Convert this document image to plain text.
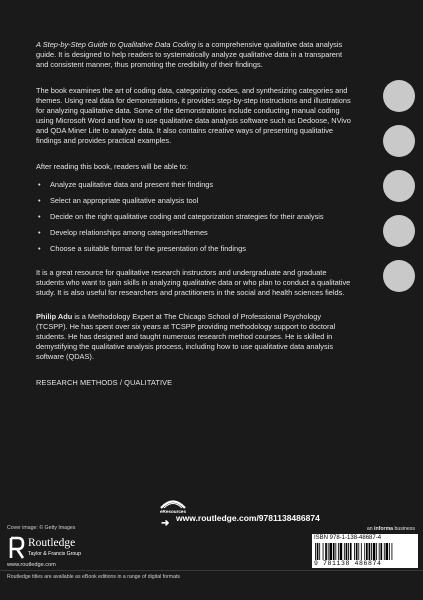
A Step-by-Step Guide to Qualitative Data Coding is a comprehensive qualitative data analysis guide. It is designed to help readers to systematically analyze qualitative data in a transparent and consistent manner, thus promoting the credibility of their findings.

The book examines the art of coding data, categorizing codes, and synthesizing categories and themes. Using real data for demonstrations, it provides step-by-step instructions and illustrations for analyzing qualitative data. Some of the demonstrations include conducting manual coding using Microsoft Word and how to use qualitative data analysis software such as Dedoose, NVivo and QDA Miner Lite to analyze data. It also contains creative ways of presenting qualitative findings and provides practical examples.

After reading this book, readers will be able to:

• Analyze qualitative data and present their findings
• Select an appropriate qualitative analysis tool
• Decide on the right qualitative coding and categorization strategies for their analysis
• Develop relationships among categories/themes
• Choose a suitable format for the presentation of the findings

It is a great resource for qualitative research instructors and undergraduate and graduate students who want to gain skills in analyzing qualitative data or who plan to conduct a qualitative study. It is also useful for researchers and practitioners in the social and health sciences fields.

Philip Adu is a Methodology Expert at The Chicago School of Professional Psychology (TCSPP). He has spent over six years at TCSPP providing methodology support to doctoral students. He has designed and taught numerous research method courses. He is skilled in demystifying the qualitative analysis process, including how to use qualitative data analysis software (QDAS).

RESEARCH METHODS / QUALITATIVE

eResources
➜ www.routledge.com/9781138486874
Cover image: © Getty Images
Routledge
Taylor & Francis Group
www.routledge.com
an informa business
ISBN 978-1-138-48687-4
9 781138 486874
Routledge titles are available as eBook editions in a range of digital formats
